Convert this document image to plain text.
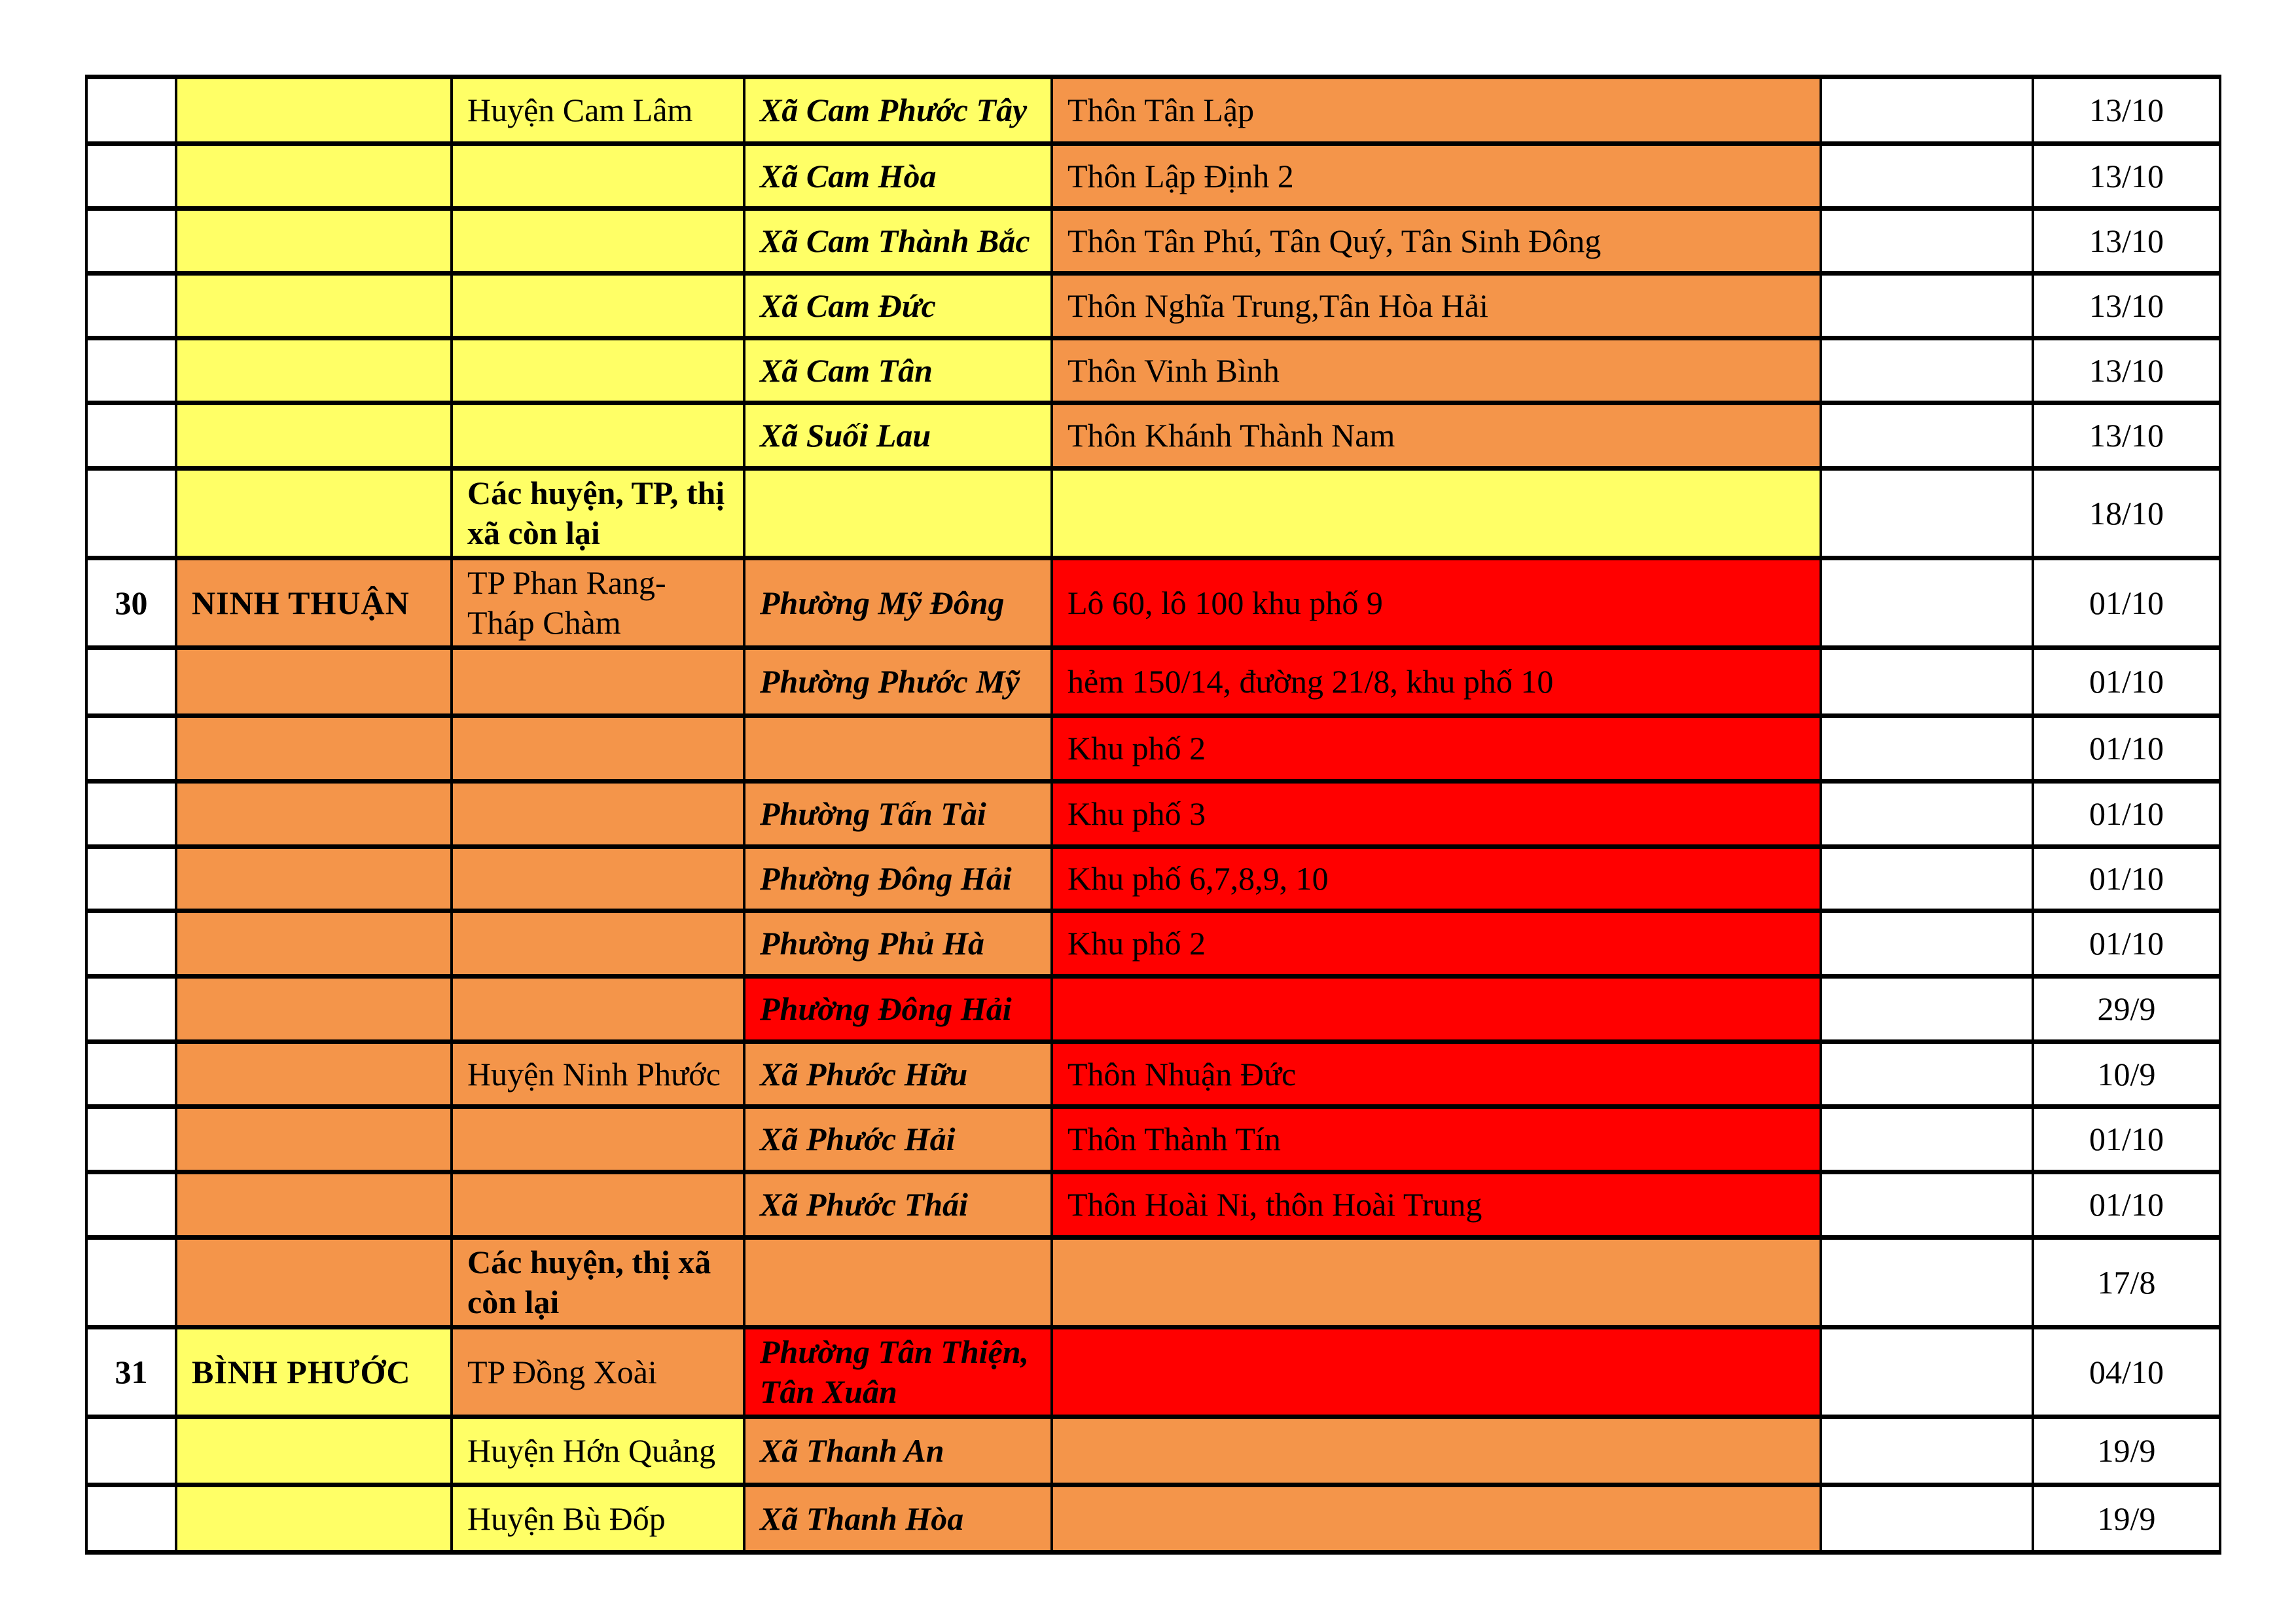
		Huyện Cam Lâm	Xã Cam Phước Tây	Thôn Tân Lập		13/10
			Xã Cam Hòa	Thôn Lập Định 2		13/10
			Xã Cam Thành Bắc	Thôn Tân Phú, Tân Quý, Tân Sinh Đông		13/10
			Xã Cam Đức	Thôn Nghĩa Trung,Tân Hòa Hải		13/10
			Xã Cam Tân	Thôn Vinh Bình		13/10
			Xã Suối Lau	Thôn Khánh Thành Nam		13/10
		Các huyện, TP, thị xã còn lại				18/10
30	NINH THUẬN	TP Phan Rang-Tháp Chàm	Phường Mỹ Đông	Lô 60, lô 100 khu phố 9		01/10
			Phường Phước Mỹ	hẻm 150/14, đường 21/8, khu phố 10		01/10
				Khu phố 2		01/10
			Phường Tấn Tài	Khu phố 3		01/10
			Phường Đông Hải	Khu phố 6,7,8,9, 10		01/10
			Phường Phủ Hà	Khu phố 2		01/10
			Phường Đông Hải			29/9
		Huyện Ninh Phước	Xã Phước Hữu	Thôn Nhuận Đức		10/9
			Xã Phước Hải	Thôn Thành Tín		01/10
			Xã Phước Thái	Thôn Hoài Ni, thôn Hoài Trung		01/10
		Các huyện, thị xã còn lại				17/8
31	BÌNH PHƯỚC	TP Đồng Xoài	Phường Tân Thiện, Tân Xuân			04/10
		Huyện Hớn Quảng	Xã Thanh An			19/9
		Huyện Bù Đốp	Xã Thanh Hòa			19/9
